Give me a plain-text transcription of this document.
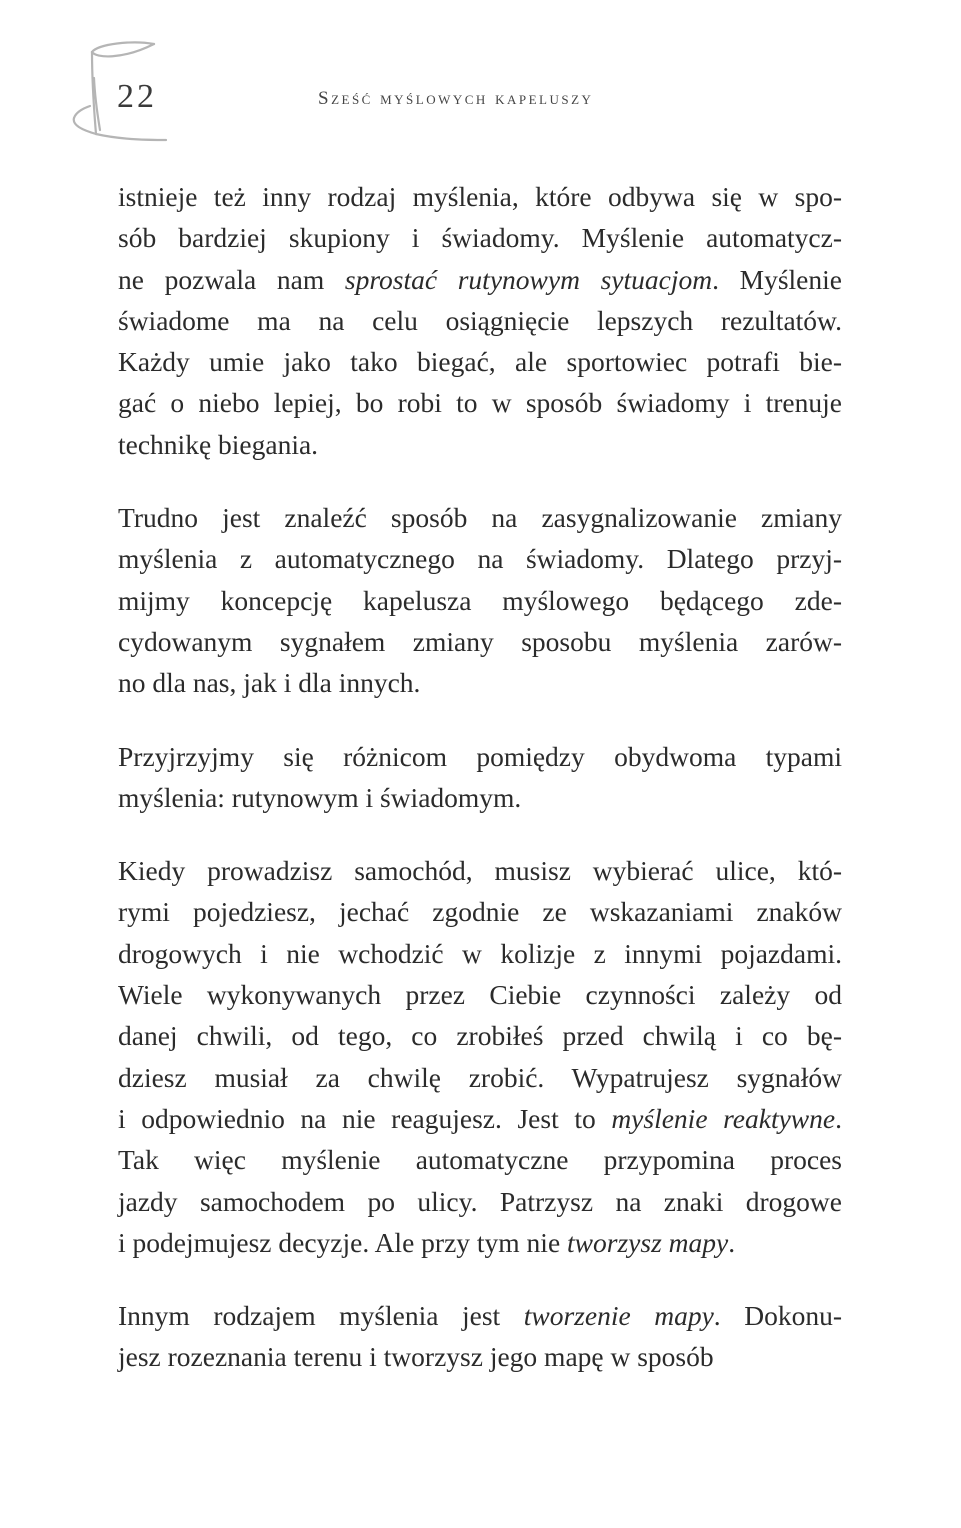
22	Sześć myślowych kapeluszy
istnieje też inny rodzaj myślenia, które odbywa się w spo-
sób bardziej skupiony i świadomy. Myślenie automatycz-
ne pozwala nam sprostać rutynowym sytuacjom. Myślenie
świadome ma na celu osiągnięcie lepszych rezultatów.
Każdy umie jako tako biegać, ale sportowiec potrafi bie-
gać o niebo lepiej, bo robi to w sposób świadomy i trenuje
technikę biegania.
Trudno jest znaleźć sposób na zasygnalizowanie zmiany
myślenia z automatycznego na świadomy. Dlatego przyj-
mijmy koncepcję kapelusza myślowego będącego zde-
cydowanym sygnałem zmiany sposobu myślenia zarów-
no dla nas, jak i dla innych.
Przyjrzyjmy się różnicom pomiędzy obydwoma typami
myślenia: rutynowym i świadomym.
Kiedy prowadzisz samochód, musisz wybierać ulice, któ-
rymi pojedziesz, jechać zgodnie ze wskazaniami znaków
drogowych i nie wchodzić w kolizje z innymi pojazdami.
Wiele wykonywanych przez Ciebie czynności zależy od
danej chwili, od tego, co zrobiłeś przed chwilą i co bę-
dziesz musiał za chwilę zrobić. Wypatrujesz sygnałów
i odpowiednio na nie reagujesz. Jest to myślenie reaktywne.
Tak więc myślenie automatyczne przypomina proces
jazdy samochodem po ulicy. Patrzysz na znaki drogowe
i podejmujesz decyzje. Ale przy tym nie tworzysz mapy.
Innym rodzajem myślenia jest tworzenie mapy. Dokonu-
jesz rozeznania terenu i tworzysz jego mapę w sposób
